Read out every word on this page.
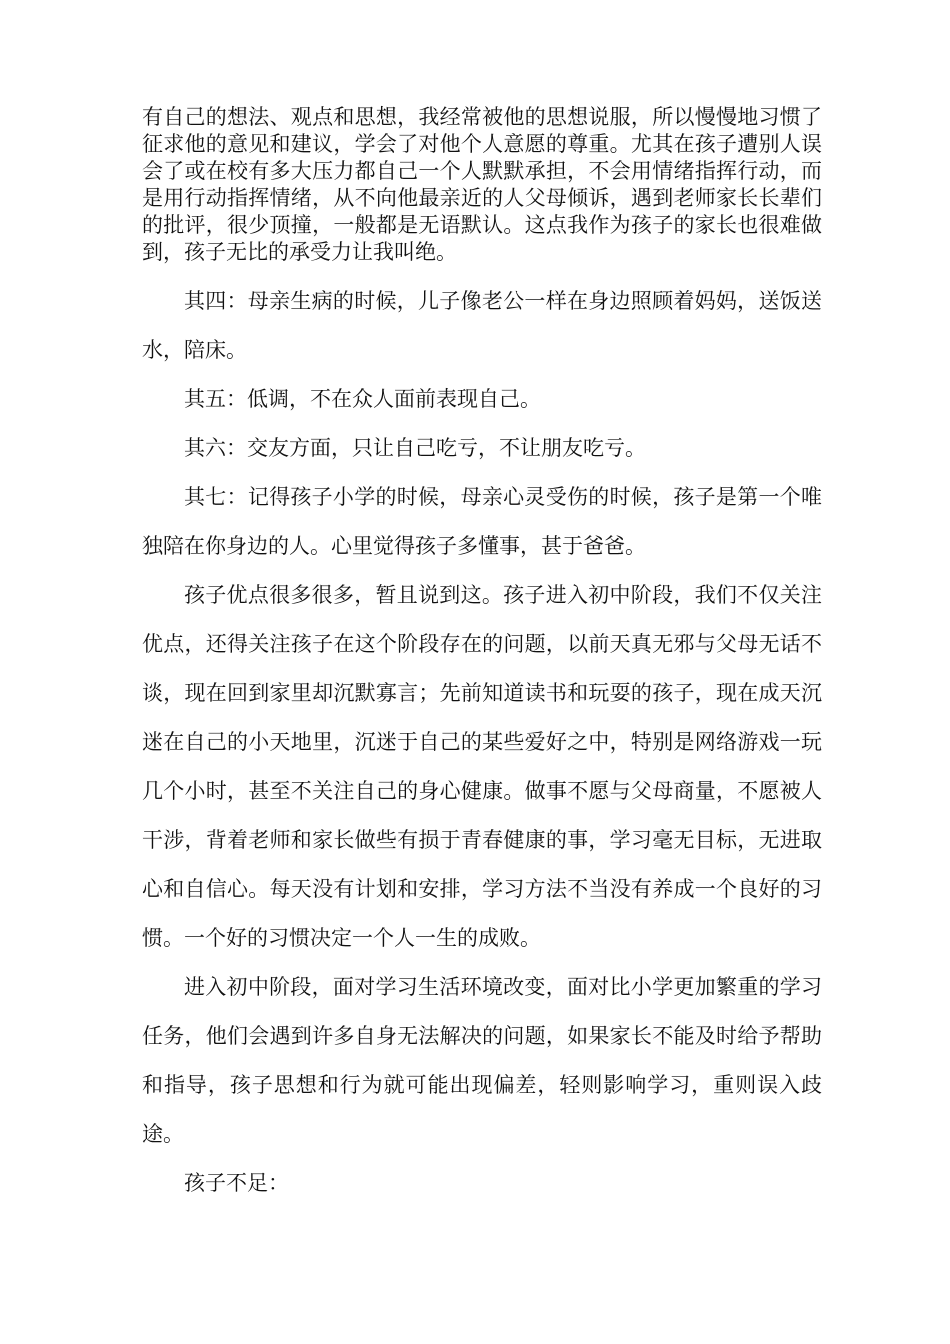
有自己的想法、观点和思想，我经常被他的思想说服，所以慢慢地习惯了征求他的意见和建议，学会了对他个人意愿的尊重。尤其在孩子遭别人误会了或在校有多大压力都自己一个人默默承担，不会用情绪指挥行动，而是用行动指挥情绪，从不向他最亲近的人父母倾诉，遇到老师家长长辈们的批评，很少顶撞，一般都是无语默认。这点我作为孩子的家长也很难做到，孩子无比的承受力让我叫绝。

其四：母亲生病的时候，儿子像老公一样在身边照顾着妈妈，送饭送水，陪床。

其五：低调，不在众人面前表现自己。

其六：交友方面，只让自己吃亏，不让朋友吃亏。

其七：记得孩子小学的时候，母亲心灵受伤的时候，孩子是第一个唯独陪在你身边的人。心里觉得孩子多懂事，甚于爸爸。

孩子优点很多很多，暂且说到这。孩子进入初中阶段，我们不仅关注优点，还得关注孩子在这个阶段存在的问题，以前天真无邪与父母无话不谈，现在回到家里却沉默寡言；先前知道读书和玩耍的孩子，现在成天沉迷在自己的小天地里，沉迷于自己的某些爱好之中，特别是网络游戏一玩几个小时，甚至不关注自己的身心健康。做事不愿与父母商量，不愿被人干涉，背着老师和家长做些有损于青春健康的事，学习毫无目标，无进取心和自信心。每天没有计划和安排，学习方法不当没有养成一个良好的习惯。一个好的习惯决定一个人一生的成败。

进入初中阶段，面对学习生活环境改变，面对比小学更加繁重的学习任务，他们会遇到许多自身无法解决的问题，如果家长不能及时给予帮助和指导，孩子思想和行为就可能出现偏差，轻则影响学习，重则误入歧途。

孩子不足：
